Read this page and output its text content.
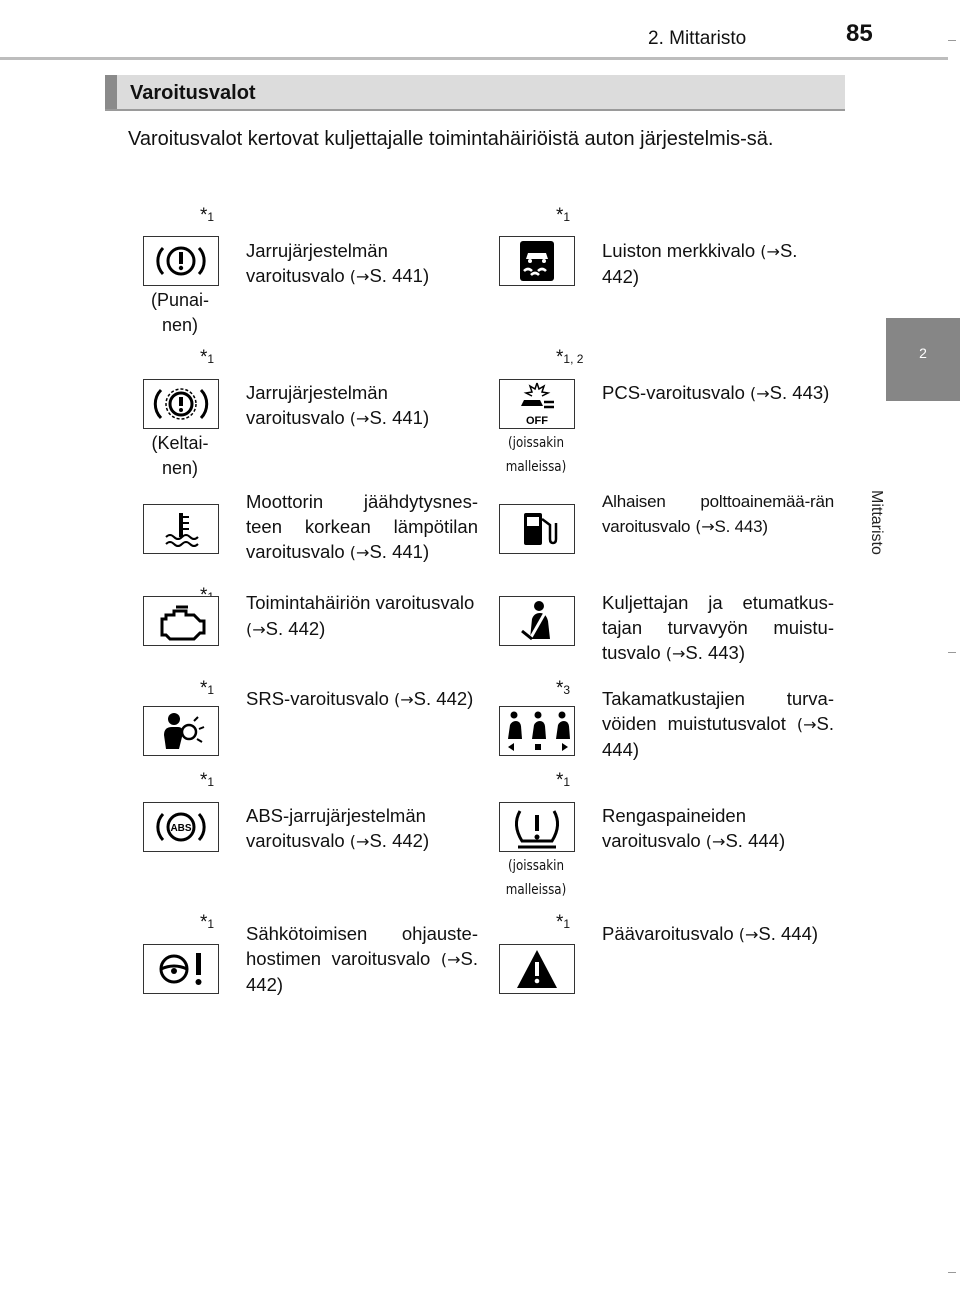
2. Mittaristo	85
2
Mittaristo
Varoitusvalot
Varoitusvalot kertovat kuljettajalle toimintahäiriöistä auton järjestelmis-sä.
*1
(Punai-
nen)
Jarrujärjestelmän varoitusvalo (→S. 441)
*1
Luiston merkkivalo (→S. 442)
*1
(Keltai-
nen)
Jarrujärjestelmän varoitusvalo (→S. 441)
*1, 2
OFF
(joissakin malleissa)
PCS-varoitusvalo (→S. 443)
Moottorin jäähdytysnes-teen korkean lämpötilan varoitusvalo (→S. 441)
Alhaisen polttoainemää-rän varoitusvalo (→S. 443)
Toimintahäiriön varoitusvalo (→S. 442)
Kuljettajan ja etumatkus-tajan turvavyön muistu-tusvalo (→S. 443)
*1 SRS-varoitusvalo (→S. 442)	*3 Takamatkustajien turva-vöiden muistutusvalot (→S. 444)
*1
ABS
ABS-jarrujärjestelmän varoitusvalo (→S. 442)
*1
(joissakin malleissa)
Rengaspaineiden varoitusvalo (→S. 444)
*1 Sähkötoimisen ohjauste-hostimen varoitusvalo (→S. 442)
*1 Päävaroitusvalo (→S. 444)
